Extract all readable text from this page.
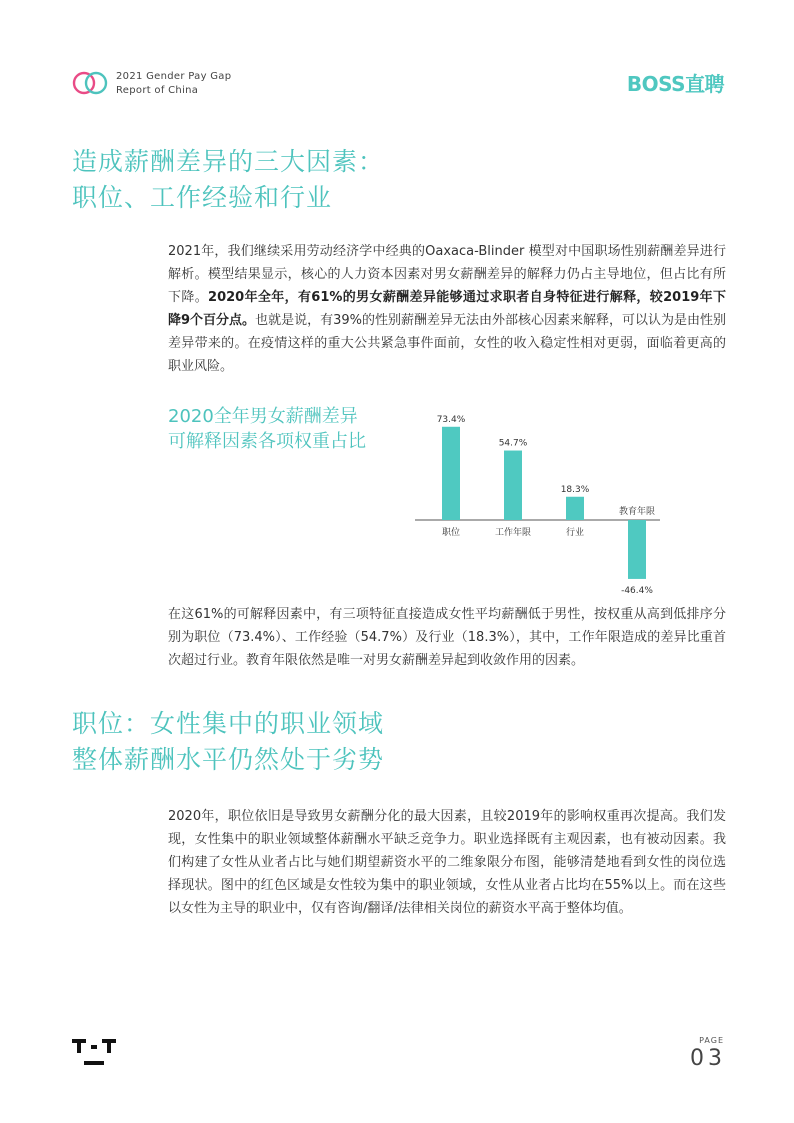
2021 Gender Pay Gap
Report of China	BOSS直聘
造成薪酬差异的三大因素：
职位、工作经验和行业
2021年，我们继续采用劳动经济学中经典的Oaxaca-Blinder 模型对中国职场性别薪酬差异进行解析。模型结果显示，核心的人力资本因素对男女薪酬差异的解释力仍占主导地位，但占比有所下降。2020年全年，有61%的男女薪酬差异能够通过求职者自身特征进行解释，较2019年下降9个百分点。也就是说，有39%的性别薪酬差异无法由外部核心因素来解释，可以认为是由性别差异带来的。在疫情这样的重大公共紧急事件面前，女性的收入稳定性相对更弱，面临着更高的职业风险。
2020全年男女薪酬差异
可解释因素各项权重占比
73.4%
职位
54.7%
工作年限
18.3%
行业
-46.4%
教育年限
在这61%的可解释因素中，有三项特征直接造成女性平均薪酬低于男性，按权重从高到低排序分别为职位（73.4%）、工作经验（54.7%）及行业（18.3%），其中，工作年限造成的差异比重首次超过行业。教育年限依然是唯一对男女薪酬差异起到收敛作用的因素。
职位：女性集中的职业领域
整体薪酬水平仍然处于劣势
2020年，职位依旧是导致男女薪酬分化的最大因素，且较2019年的影响权重再次提高。我们发现，女性集中的职业领域整体薪酬水平缺乏竞争力。职业选择既有主观因素，也有被动因素。我们构建了女性从业者占比与她们期望薪资水平的二维象限分布图，能够清楚地看到女性的岗位选择现状。图中的红色区域是女性较为集中的职业领域，女性从业者占比均在55%以上。而在这些以女性为主导的职业中，仅有咨询/翻译/法律相关岗位的薪资水平高于整体均值。
PAGE
03
